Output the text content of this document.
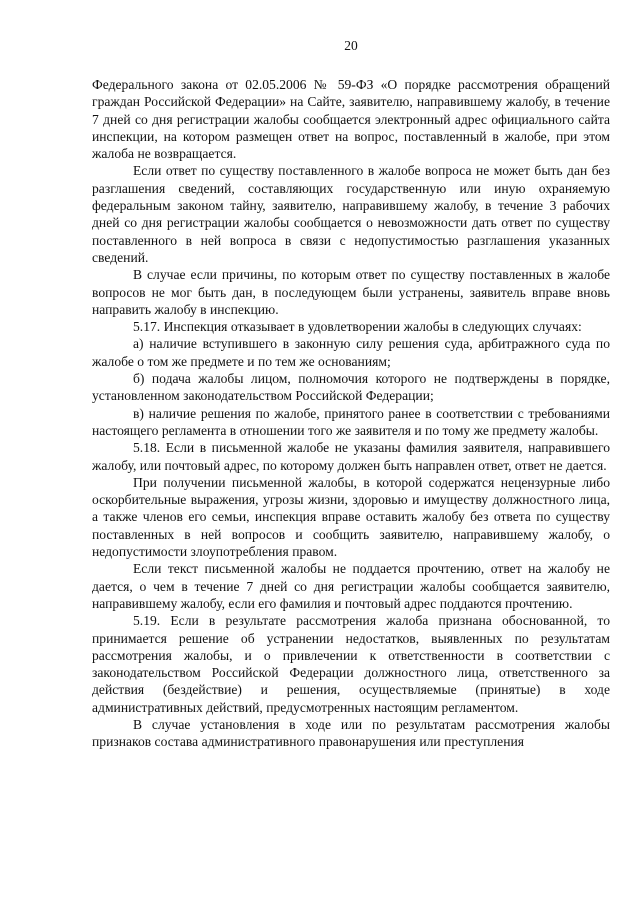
20

Федерального закона от 02.05.2006 № 59-ФЗ «О порядке рассмотрения обращений граждан Российской Федерации» на Сайте, заявителю, направившему жалобу, в течение 7 дней со дня регистрации жалобы сообщается электронный адрес официального сайта инспекции, на котором размещен ответ на вопрос, поставленный в жалобе, при этом жалоба не возвращается.

Если ответ по существу поставленного в жалобе вопроса не может быть дан без разглашения сведений, составляющих государственную или иную охраняемую федеральным законом тайну, заявителю, направившему жалобу, в течение 3 рабочих дней со дня регистрации жалобы сообщается о невозможности дать ответ по существу поставленного в ней вопроса в связи с недопустимостью разглашения указанных сведений.

В случае если причины, по которым ответ по существу поставленных в жалобе вопросов не мог быть дан, в последующем были устранены, заявитель вправе вновь направить жалобу в инспекцию.

5.17. Инспекция отказывает в удовлетворении жалобы в следующих случаях:

а) наличие вступившего в законную силу решения суда, арбитражного суда по жалобе о том же предмете и по тем же основаниям;

б) подача жалобы лицом, полномочия которого не подтверждены в порядке, установленном законодательством Российской Федерации;

в) наличие решения по жалобе, принятого ранее в соответствии с требованиями настоящего регламента в отношении того же заявителя и по тому же предмету жалобы.

5.18. Если в письменной жалобе не указаны фамилия заявителя, направившего жалобу, или почтовый адрес, по которому должен быть направлен ответ, ответ не дается.

При получении письменной жалобы, в которой содержатся нецензурные либо оскорбительные выражения, угрозы жизни, здоровью и имуществу должностного лица, а также членов его семьи, инспекция вправе оставить жалобу без ответа по существу поставленных в ней вопросов и сообщить заявителю, направившему жалобу, о недопустимости злоупотребления правом.

Если текст письменной жалобы не поддается прочтению, ответ на жалобу не дается, о чем в течение 7 дней со дня регистрации жалобы сообщается заявителю, направившему жалобу, если его фамилия и почтовый адрес поддаются прочтению.

5.19. Если в результате рассмотрения жалоба признана обоснованной, то принимается решение об устранении недостатков, выявленных по результатам рассмотрения жалобы, и о привлечении к ответственности в соответствии с законодательством Российской Федерации должностного лица, ответственного за действия (бездействие) и решения, осуществляемые (принятые) в ходе административных действий, предусмотренных настоящим регламентом.

В случае установления в ходе или по результатам рассмотрения жалобы признаков состава административного правонарушения или преступления
